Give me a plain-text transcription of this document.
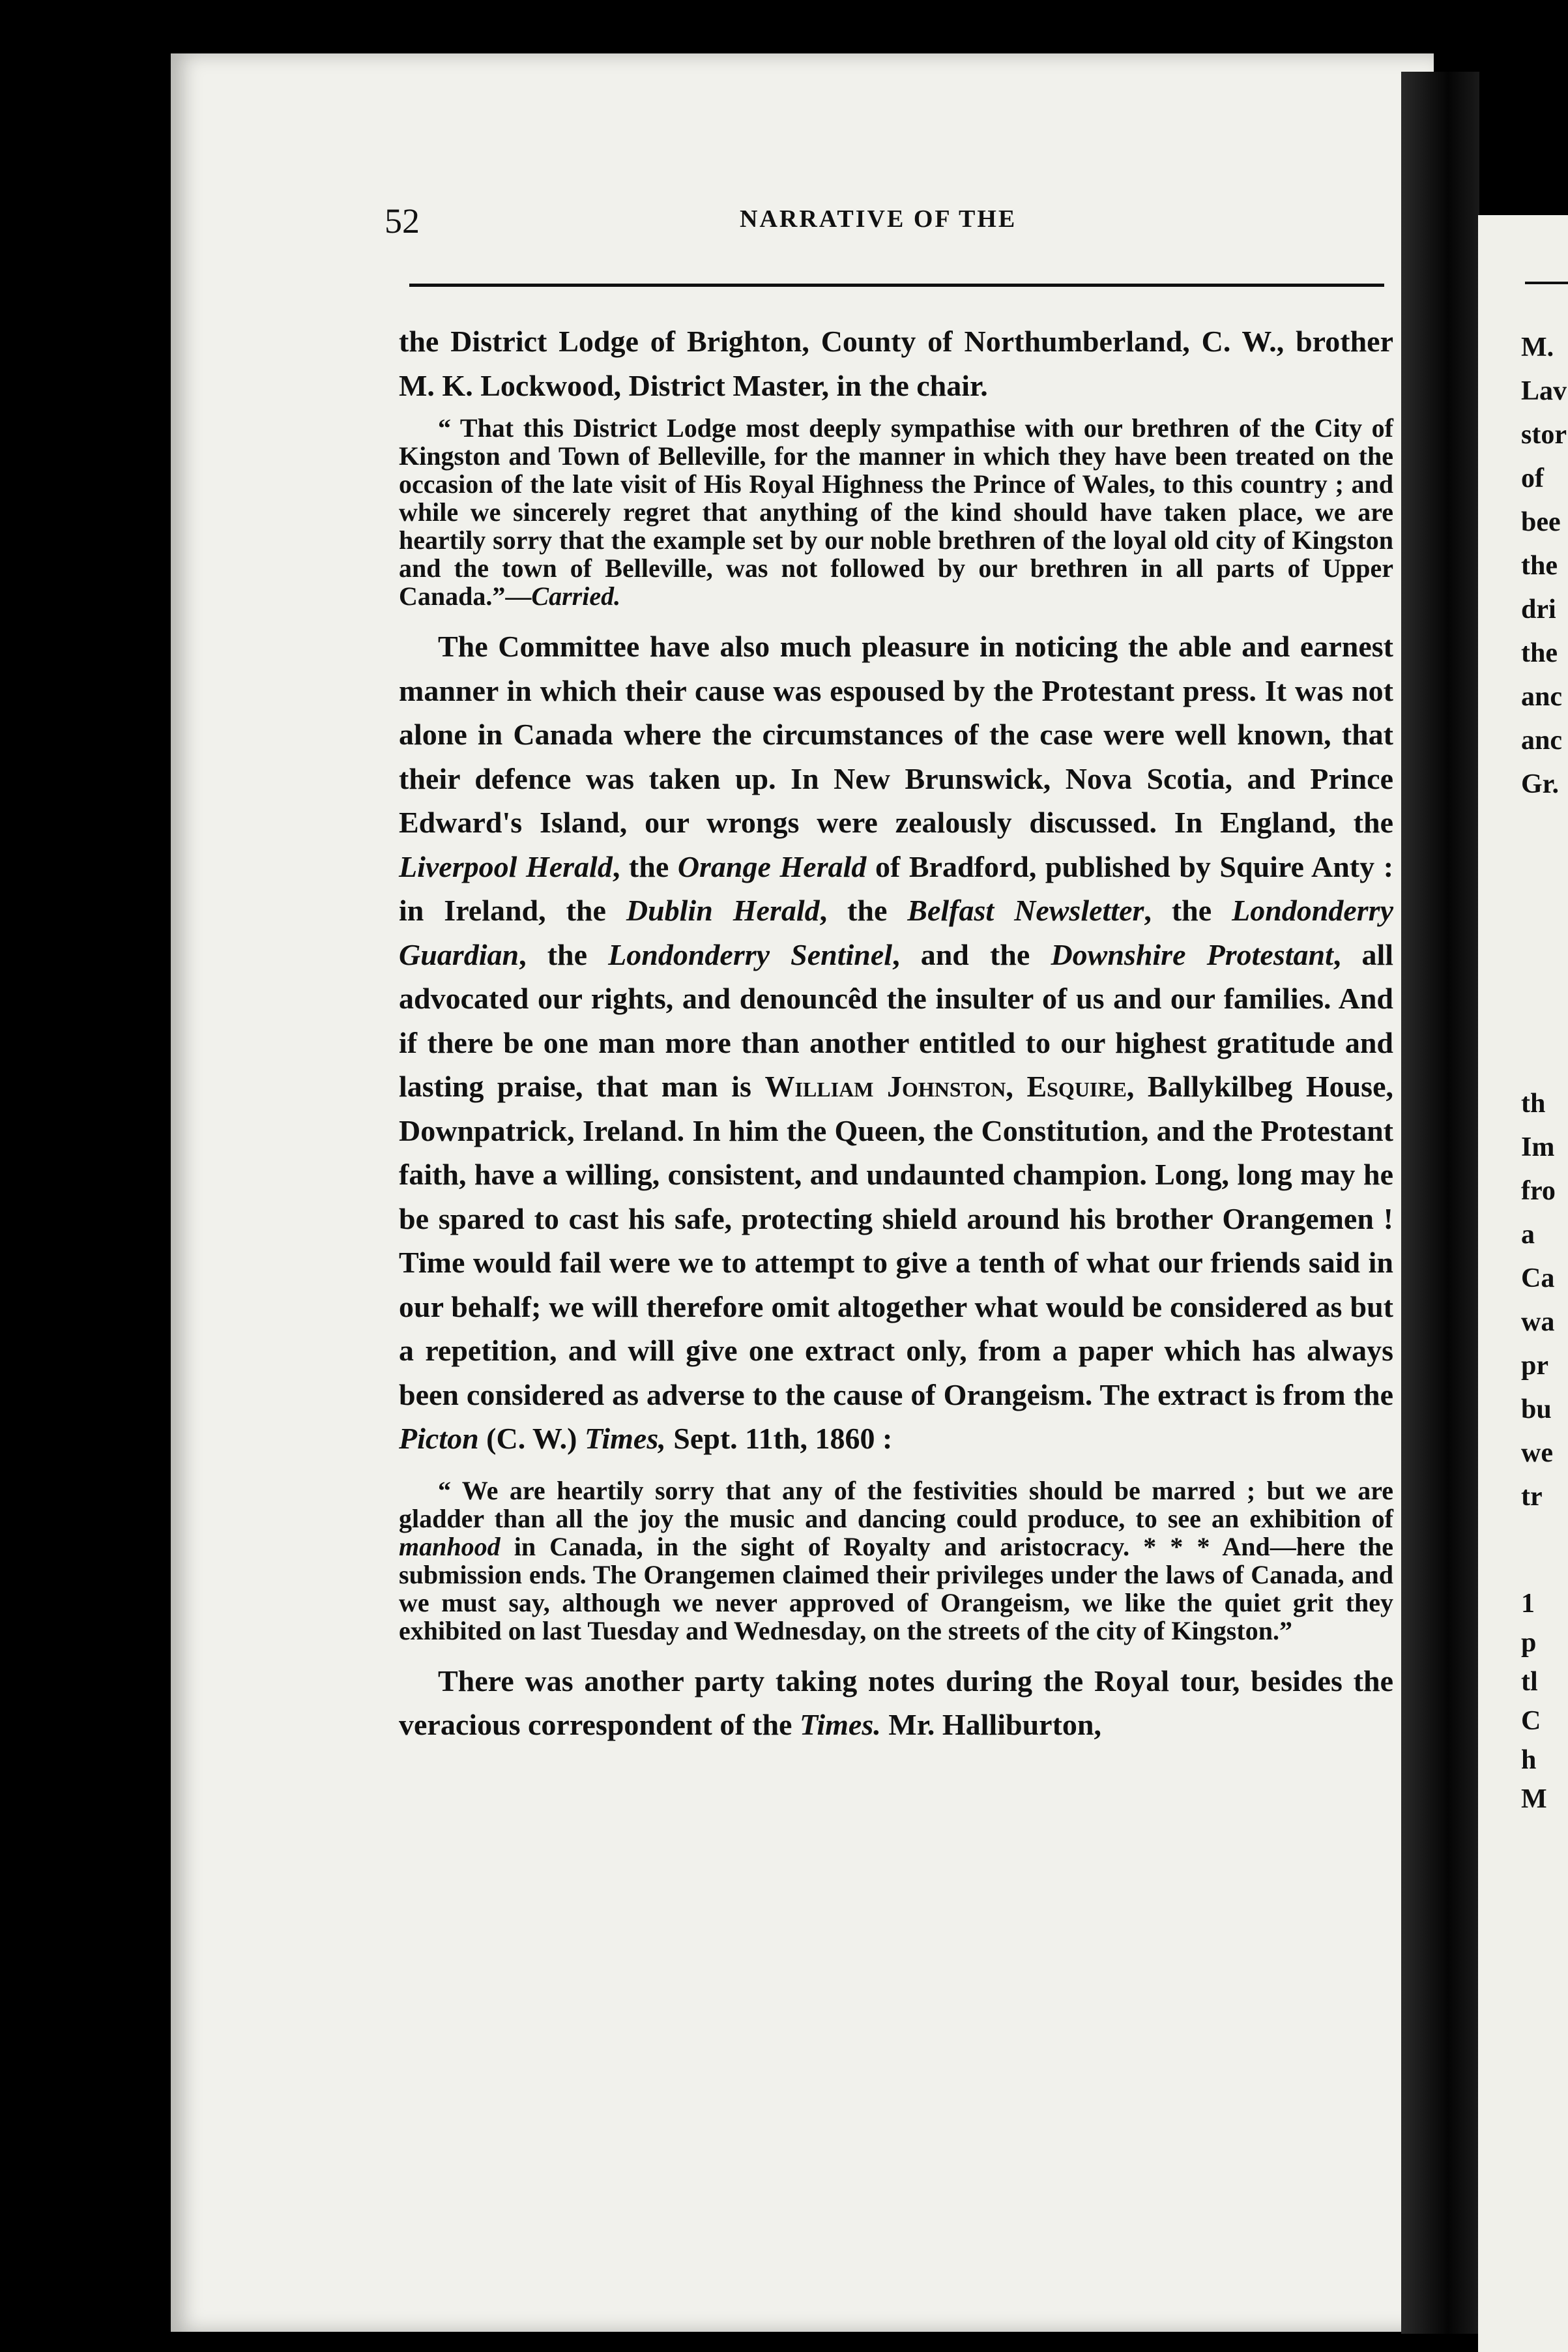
52	NARRATIVE OF THE

the District Lodge of Brighton, County of Northumberland, C. W., brother M. K. Lockwood, District Master, in the chair.

“ That this District Lodge most deeply sympathise with our brethren of the City of Kingston and Town of Belleville, for the manner in which they have been treated on the occasion of the late visit of His Royal Highness the Prince of Wales, to this country ; and while we sincerely regret that anything of the kind should have taken place, we are heartily sorry that the example set by our noble brethren of the loyal old city of Kingston and the town of Belleville, was not followed by our brethren in all parts of Upper Canada.”—Carried.

The Committee have also much pleasure in noticing the able and earnest manner in which their cause was espoused by the Protestant press. It was not alone in Canada where the circumstances of the case were well known, that their defence was taken up. In New Brunswick, Nova Scotia, and Prince Edward's Island, our wrongs were zealously discussed. In England, the Liverpool Herald, the Orange Herald of Bradford, published by Squire Anty : in Ireland, the Dublin Herald, the Belfast Newsletter, the Londonderry Guardian, the Londonderry Sentinel, and the Downshire Protestant, all advocated our rights, and denouncêd the insulter of us and our families. And if there be one man more than another entitled to our highest gratitude and lasting praise, that man is William Johnston, Esquire, Ballykilbeg House, Downpatrick, Ireland. In him the Queen, the Constitution, and the Protestant faith, have a willing, consistent, and undaunted champion. Long, long may he be spared to cast his safe, protecting shield around his brother Orangemen ! Time would fail were we to attempt to give a tenth of what our friends said in our behalf; we will therefore omit altogether what would be considered as but a repetition, and will give one extract only, from a paper which has always been considered as adverse to the cause of Orangeism. The extract is from the Picton (C. W.) Times, Sept. 11th, 1860 :

“ We are heartily sorry that any of the festivities should be marred ; but we are gladder than all the joy the music and dancing could produce, to see an exhibition of manhood in Canada, in the sight of Royalty and aristocracy. * * * And—here the submission ends. The Orangemen claimed their privileges under the laws of Canada, and we must say, although we never approved of Orangeism, we like the quiet grit they exhibited on last Tuesday and Wednesday, on the streets of the city of Kingston.”

There was another party taking notes during the Royal tour, besides the veracious correspondent of the Times. Mr. Halliburton,

M.
Lav
stor
of
bee
the
dri
the
anc
anc
Gr.
th
Im
fro
a
Ca
wa
pr
bu
we
tr
1
p
tl
C
h
M
